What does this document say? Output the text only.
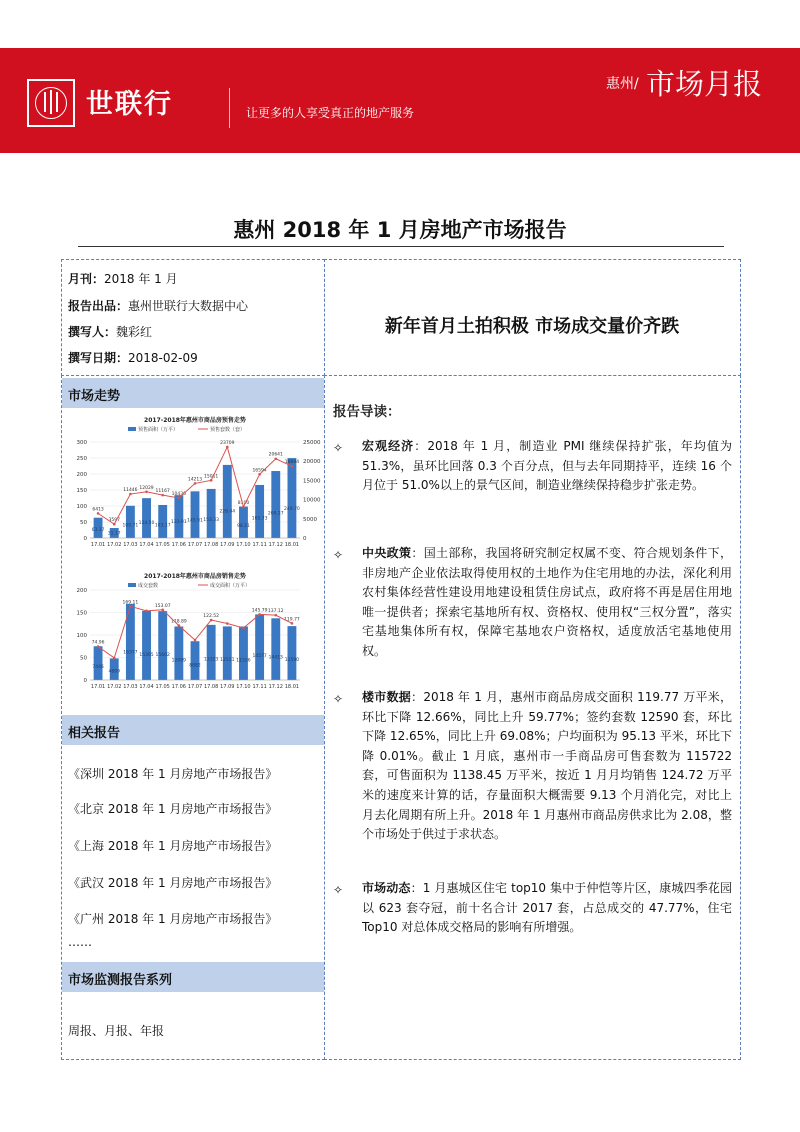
世联行	让更多的人享受真正的地产服务
惠州/ 市场月报
惠州 2018 年 1 月房地产市场报告
月刊：2018 年 1 月
报告出品：惠州世联行大数据中心
撰写人：魏彩红
撰写日期：2018-02-09
新年首月土拍积极 市场成交量价齐跌
市场走势
2017-2018年惠州市商品房预售走势
预售面积（万平）	预售套数（套）
0
50
100
150
200
250
300
0
5000
10000
15000
20000
25000
17.01
63.37
6413
17.02
31.17
3597
17.03
100.71
11446
17.04
124.50
12029
17.05
103.17
11167
17.06
133.91
10430
17.07
145.91
14213
17.08
153.33
15011
17.09
228.44
23709
17.10
98.21
8100
17.11
165.73
16594
17.12
209.27
20641
18.01
249.70
18694
2017-2018年惠州市商品房销售走势
成交套数	成交面积（万平）
0
50
100
150
200
17.01
7446
74.96
17.02
4899
17.03
16377
169.11
17.04
15365
17.05
15602
153.07
17.06
12089
118.89
17.07
8882
17.08
13323
122.52
17.09
12551
17.10
11556
17.11
14577
145.79
17.12
14413
137.12
18.01
12590
119.77
相关报告
《深圳 2018 年 1 月房地产市场报告》
《北京 2018 年 1 月房地产市场报告》
《上海 2018 年 1 月房地产市场报告》
《武汉 2018 年 1 月房地产市场报告》
《广州 2018 年 1 月房地产市场报告》
……
市场监测报告系列
周报、月报、年报
报告导读：
✧ 宏观经济：2018 年 1 月，制造业 PMI 继续保持扩张，年均值为 51.3%，虽环比回落 0.3 个百分点，但与去年同期持平，连续 16 个月位于 51.0%以上的景气区间，制造业继续保持稳步扩张走势。
✧ 中央政策：国土部称，我国将研究制定权属不变、符合规划条件下，非房地产企业依法取得使用权的土地作为住宅用地的办法，深化利用农村集体经营性建设用地建设租赁住房试点，政府将不再是居住用地唯一提供者；探索宅基地所有权、资格权、使用权“三权分置”，落实宅基地集体所有权，保障宅基地农户资格权，适度放活宅基地使用权。
✧ 楼市数据：2018 年 1 月，惠州市商品房成交面积 119.77 万平米，环比下降 12.66%，同比上升 59.77%；签约套数 12590 套，环比下降 12.65%，同比上升 69.08%；户均面积为 95.13 平米，环比下降 0.01%。截止 1 月底，惠州市一手商品房可售套数为 115722 套，可售面积为 1138.45 万平米，按近 1 月月均销售 124.72 万平米的速度来计算的话，存量面积大概需要 9.13 个月消化完，对比上月去化周期有所上升。2018 年 1 月惠州市商品房供求比为 2.08，整个市场处于供过于求状态。
✧ 市场动态：1 月惠城区住宅 top10 集中于仲恺等片区，康城四季花园以 623 套夺冠，前十名合计 2017 套，占总成交的 47.77%，住宅 Top10 对总体成交格局的影响有所增强。
